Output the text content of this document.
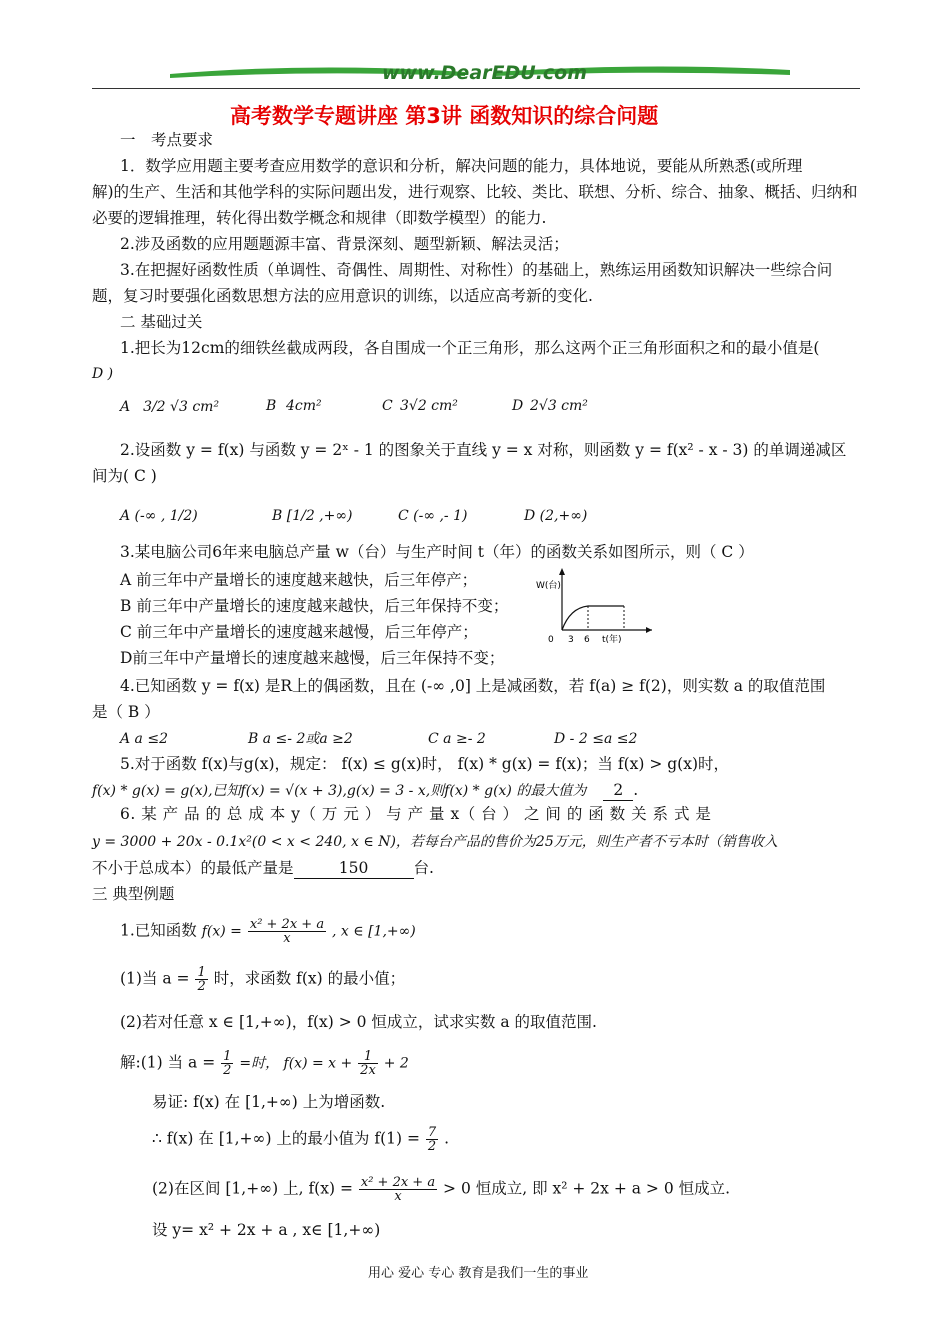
www.DearEDU.com
高考数学专题讲座 第3讲 函数知识的综合问题
一　考点要求
1．数学应用题主要考查应用数学的意识和分析，解决问题的能力，具体地说，要能从所熟悉(或所理
解)的生产、生活和其他学科的实际问题出发，进行观察、比较、类比、联想、分析、综合、抽象、概括、归纳和
必要的逻辑推理，转化得出数学概念和规律（即数学模型）的能力.
2.涉及函数的应用题题源丰富、背景深刻、题型新颖、解法灵活；
3.在把握好函数性质（单调性、奇偶性、周期性、对称性）的基础上，熟练运用函数知识解决一些综合问
题，复习时要强化函数思想方法的应用意识的训练，以适应高考新的变化.
二 基础过关
1.把长为12cm的细铁丝截成两段，各自围成一个正三角形，那么这两个正三角形面积之和的最小值是(
D )
A 3/2 √3 cm²	B 4cm²	C 3√2 cm²	D 2√3 cm²
2.设函数 y = f(x) 与函数 y = 2ˣ - 1 的图象关于直线 y = x 对称，则函数 y = f(x² - x - 3) 的单调递减区
间为( C )
A (-∞ , 1/2)	B [1/2 ,+∞)	C (-∞ ,- 1)	D (2,+∞)
3.某电脑公司6年来电脑总产量 w（台）与生产时间 t（年）的函数关系如图所示，则（ C ）
A 前三年中产量增长的速度越来越快，后三年停产；
B 前三年中产量增长的速度越来越快，后三年保持不变；
C 前三年中产量增长的速度越来越慢，后三年停产；
D前三年中产量增长的速度越来越慢，后三年保持不变；
W(台)
0 3 6 t(年)
4.已知函数 y = f(x) 是R上的偶函数，且在 (-∞ ,0] 上是减函数，若 f(a) ≥ f(2)，则实数 a 的取值范围
是（ B ）
A a ≤2	B a ≤- 2或a ≥2	C a ≥- 2	D - 2 ≤a ≤2
5.对于函数 f(x)与g(x)，规定： f(x) ≤ g(x)时， f(x) * g(x) = f(x)；当 f(x) > g(x)时，
f(x) * g(x) = g(x),已知f(x) = √(x + 3),g(x) = 3 - x,则f(x) * g(x) 的最大值为 2 .
6. 某 产 品 的 总 成 本 y（ 万 元 ） 与 产 量 x（ 台 ） 之 间 的 函 数 关 系 式 是
y = 3000 + 20x - 0.1x²(0 < x < 240, x ∈ N)，若每台产品的售价为25万元，则生产者不亏本时（销售收入
不小于总成本）的最低产量是	150	台.
三 典型例题
1.已知函数 $f(x) = \frac{\text{x² + 2x + a}}{x}$ , x ∈ [1,+∞)
(1)当 $a = \frac{1}{2}$ 时，求函数 f(x) 的最小值；
(2)若对任意 x ∈ [1,+∞)，f(x) > 0 恒成立，试求实数 a 的取值范围.
解:(1) 当 $a = \frac{1}{2}$ =时， $f(x) = x + \frac{1}{2x} + 2$
易证: f(x) 在 [1,+∞) 上为增函数.
∴ f(x) 在 [1,+∞) 上的最小值为 $f(1) = \frac{7}{2}$ .
(2)在区间 [1,+∞) 上, $f(x) = \frac{\text{x² + 2x + a}}{x} > 0$ 恒成立, 即 x² + 2x + a > 0 恒成立.
设 y= x² + 2x + a , x∈ [1,+∞)
用心 爱心 专心 教育是我们一生的事业
